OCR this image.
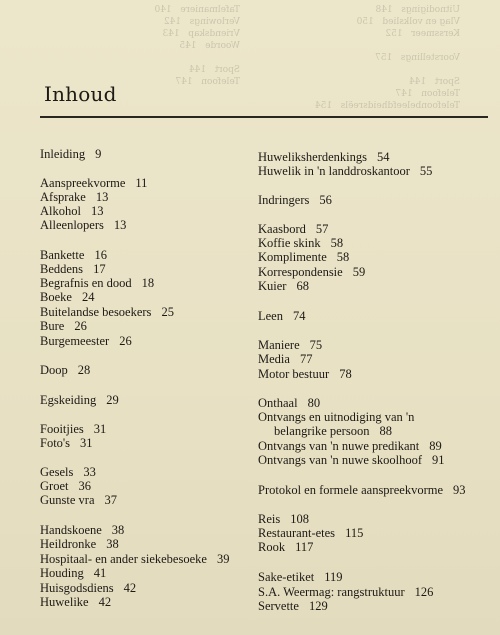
Uitnodigings   148
Vlag en volkslied   150
Kerssmeer   152

Voorstellings   157

Sport   144
Telefoon   147
Telefoonbeleefdheidsreëls   154
Tafelmaniere   140
Verlowings   142
Vriendskap   143
Woorde   145

Sport   144
Telefoon   147
Inhoud
Inleiding 9
Aanspreekvorme 11
Afsprake 13
Alkohol 13
Alleenlopers 13
Bankette 16
Beddens 17
Begrafnis en dood 18
Boeke 24
Buitelandse besoekers 25
Bure 26
Burgemeester 26
Doop 28
Egskeiding 29
Fooitjies 31
Foto's 31
Gesels 33
Groet 36
Gunste vra 37
Handskoene 38
Heildronke 38
Hospitaal- en ander siekebesoeke 39
Houding 41
Huisgodsdiens 42
Huwelike 42
Huweliksherdenkings 54
Huwelik in 'n landdroskantoor 55
Indringers 56
Kaasbord 57
Koffie skink 58
Komplimente 58
Korrespondensie 59
Kuier 68
Leen 74
Maniere 75
Media 77
Motor bestuur 78
Onthaal 80
Ontvangs en uitnodiging van 'n
belangrike persoon 88
Ontvangs van 'n nuwe predikant 89
Ontvangs van 'n nuwe skoolhoof 91
Protokol en formele aanspreekvorme 93
Reis 108
Restaurant-etes 115
Rook 117
Sake-etiket 119
S.A. Weermag: rangstruktuur 126
Servette 129
